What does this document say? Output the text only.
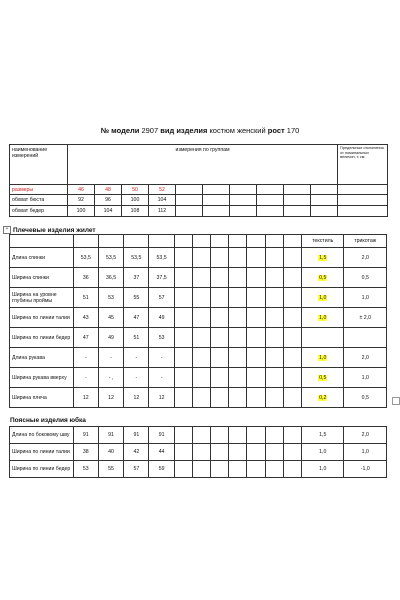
№ модели 2907 вид изделия костюм женский рост 170
наименование измерений	измерения по группам										Предельные отклонения от номинальных величин, ± см.
размеры	46	48	50	52							
обхват бюста	92	96	100	104							
обхват бедер	100	104	108	112							
+ Плечевые изделия жилет
												текстиль	трикотаж
Длина спинки	53,5	53,5	53,5	53,5								1,5	2,0
Ширина спинки	36	36,5	37	37,5								0,5	0,5
Ширина на уровне глубины проймы	51	53	55	57								1,0	1,0
Ширина по линии талии	43	45	47	49								1,0	± 2,0
Ширина по линии бедер	47	49	51	53									
Длина рукава	-	-	-	-								1,0	2,0
Ширина рукава вверху	-	- ,	-	-								0,5	1,0
Ширина плеча	12	12	12	12								0,2	0,5
Поясные изделия юбка
Длина по боковому шву	91	91	91	91								1,5	2,0
Ширина по линии талии	38	40	42	44								1,0	1,0
Ширина по линии бедер	53	55	57	59								1,0	-1,0
